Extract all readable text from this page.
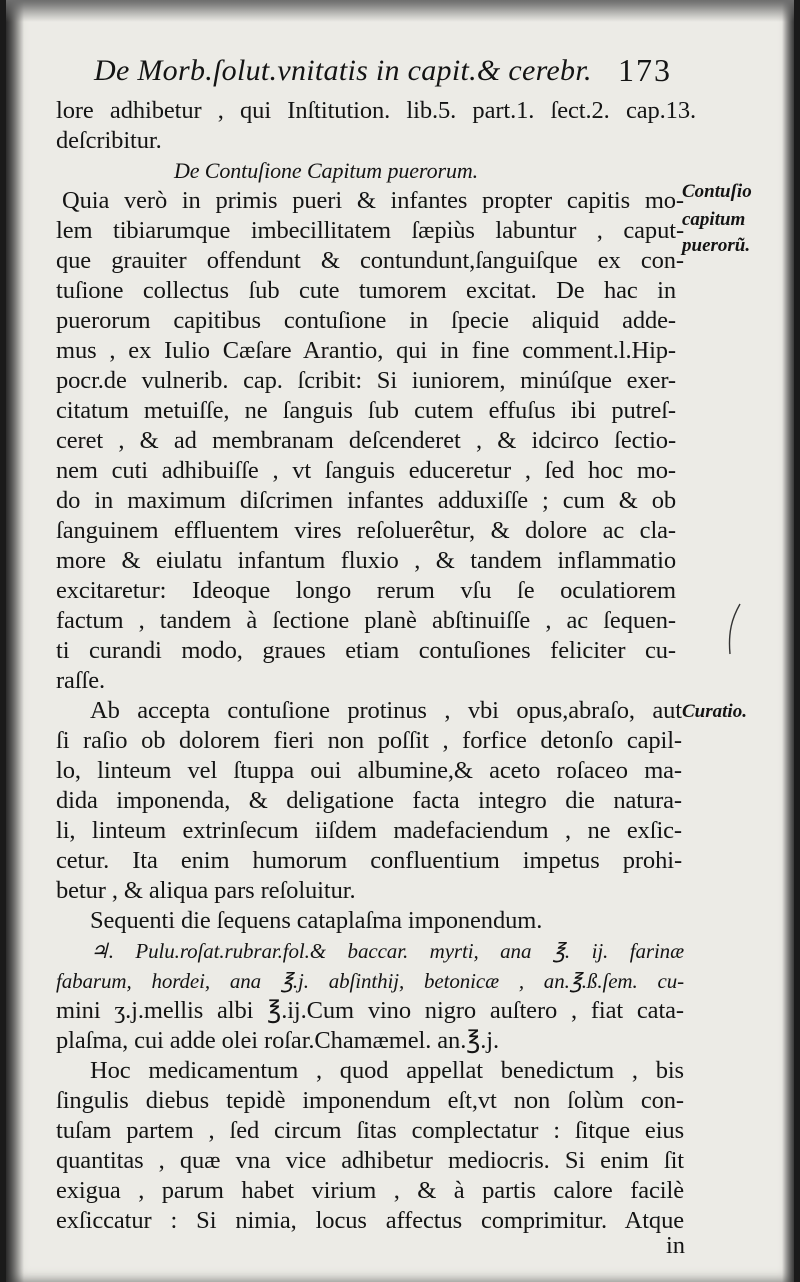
De Morb.ſolut.vnitatis in capit.& cerebr. 173
lore adhibetur , qui Inſtitution. lib.5. part.1. ſect.2. cap.13.
deſcribitur.
De Contuſione Capitum puerorum.
Quia verò in primis pueri & infantes propter capitis mo-
lem tibiarumque imbecillitatem ſæpiùs labuntur , caput-
que grauiter offendunt & contundunt,ſanguiſque ex con-
tuſione collectus ſub cute tumorem excitat. De hac in
puerorum capitibus contuſione in ſpecie aliquid adde-
mus , ex Iulio Cæſare Arantio, qui in fine comment.l.Hip-
pocr.de vulnerib. cap. ſcribit: Si iuniorem, minúſque exer-
citatum metuiſſe, ne ſanguis ſub cutem effuſus ibi putreſ-
ceret , & ad membranam deſcenderet , & idcirco ſectio-
nem cuti adhibuiſſe , vt ſanguis educeretur , ſed hoc mo-
do in maximum diſcrimen infantes adduxiſſe ; cum & ob
ſanguinem effluentem vires reſoluerêtur, & dolore ac cla-
more & eiulatu infantum fluxio , & tandem inflammatio
excitaretur: Ideoque longo rerum vſu ſe oculatiorem
factum , tandem à ſectione planè abſtinuiſſe , ac ſequen-
ti curandi modo, graues etiam contuſiones feliciter cu-
raſſe.
Ab accepta contuſione protinus , vbi opus,abraſo, aut
ſi raſio ob dolorem fieri non poſſit , forfice detonſo capil-
lo, linteum vel ſtuppa oui albumine,& aceto roſaceo ma-
dida imponenda, & deligatione facta integro die natura-
li, linteum extrinſecum iiſdem madefaciendum , ne exſic-
cetur. Ita enim humorum confluentium impetus prohi-
betur , & aliqua pars reſoluitur.
Sequenti die ſequens cataplaſma imponendum.
♃. Pulu.roſat.rubrar.fol.& baccar. myrti, ana ℥. ij. farinæ
fabarum, hordei, ana ℥.j. abſinthij, betonicæ , an.℥.ß.ſem. cu-
mini ʒ.j.mellis albi ℥.ij.Cum vino nigro auſtero , fiat cata-
plaſma, cui adde olei roſar.Chamæmel. an.℥.j.
Hoc medicamentum , quod appellat benedictum , bis
ſingulis diebus tepidè imponendum eſt,vt non ſolùm con-
tuſam partem , ſed circum ſitas complectatur : ſitque eius
quantitas , quæ vna vice adhibetur mediocris. Si enim ſit
exigua , parum habet virium , & à partis calore facilè
exſiccatur : Si nimia, locus affectus comprimitur. Atque
in
Contuſio
capitum
puerorũ.
Curatio.
